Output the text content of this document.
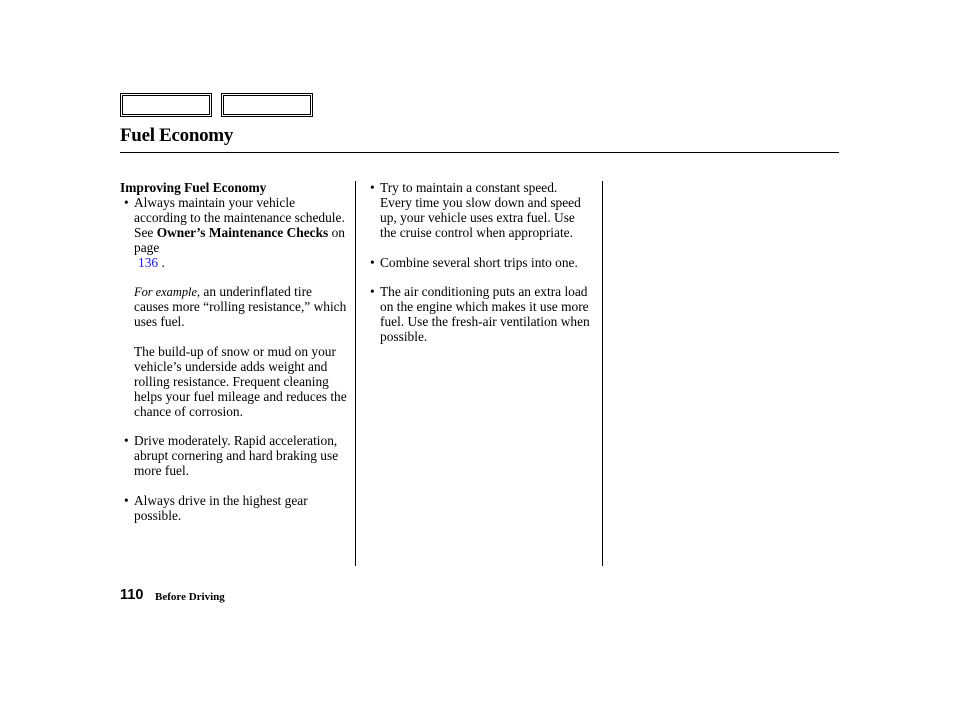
Fuel Economy

Improving Fuel Economy

• Always maintain your vehicle according to the maintenance schedule. See Owner’s Maintenance Checks on page
136 .

For example, an underinflated tire causes more “rolling resistance,” which uses fuel.

The build-up of snow or mud on your vehicle’s underside adds weight and rolling resistance. Frequent cleaning helps your fuel mileage and reduces the chance of corrosion.

• Drive moderately. Rapid acceleration, abrupt cornering and hard braking use more fuel.

• Always drive in the highest gear possible.

• Try to maintain a constant speed. Every time you slow down and speed up, your vehicle uses extra fuel. Use the cruise control when appropriate.

• Combine several short trips into one.

• The air conditioning puts an extra load on the engine which makes it use more fuel. Use the fresh-air ventilation when possible.

110 Before Driving
